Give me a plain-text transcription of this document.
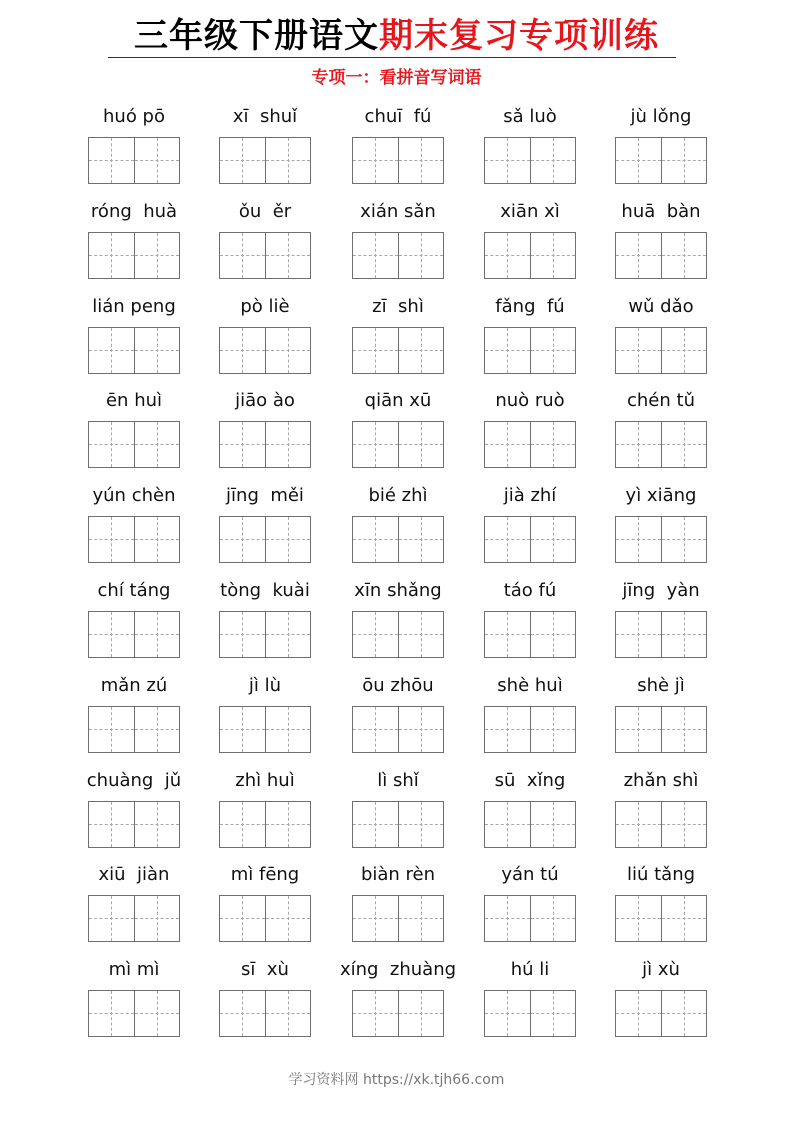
三年级下册语文期末复习专项训练
专项一：看拼音写词语
huó pō	xī  shuǐ	chuī  fú	sǎ luò	jù lǒng
róng  huà	ǒu  ěr	xián sǎn	xiān xì	huā  bàn
lián peng	pò liè	zī  shì	fǎng  fú	wǔ dǎo
ēn huì	jiāo ào	qiān xū	nuò ruò	chén tǔ
yún chèn	jīng  měi	bié zhì	jià zhí	yì xiāng
chí táng	tòng  kuài	xīn shǎng	táo fú	jīng  yàn
mǎn zú	jì lù	ōu zhōu	shè huì	shè jì
chuàng  jǔ	zhì huì	lì shǐ	sū  xǐng	zhǎn shì
xiū  jiàn	mì fēng	biàn rèn	yán tú	liú tǎng
mì mì	sī  xù	xíng  zhuàng	hú li	jì xù
学习资料网 https://xk.tjh66.com
